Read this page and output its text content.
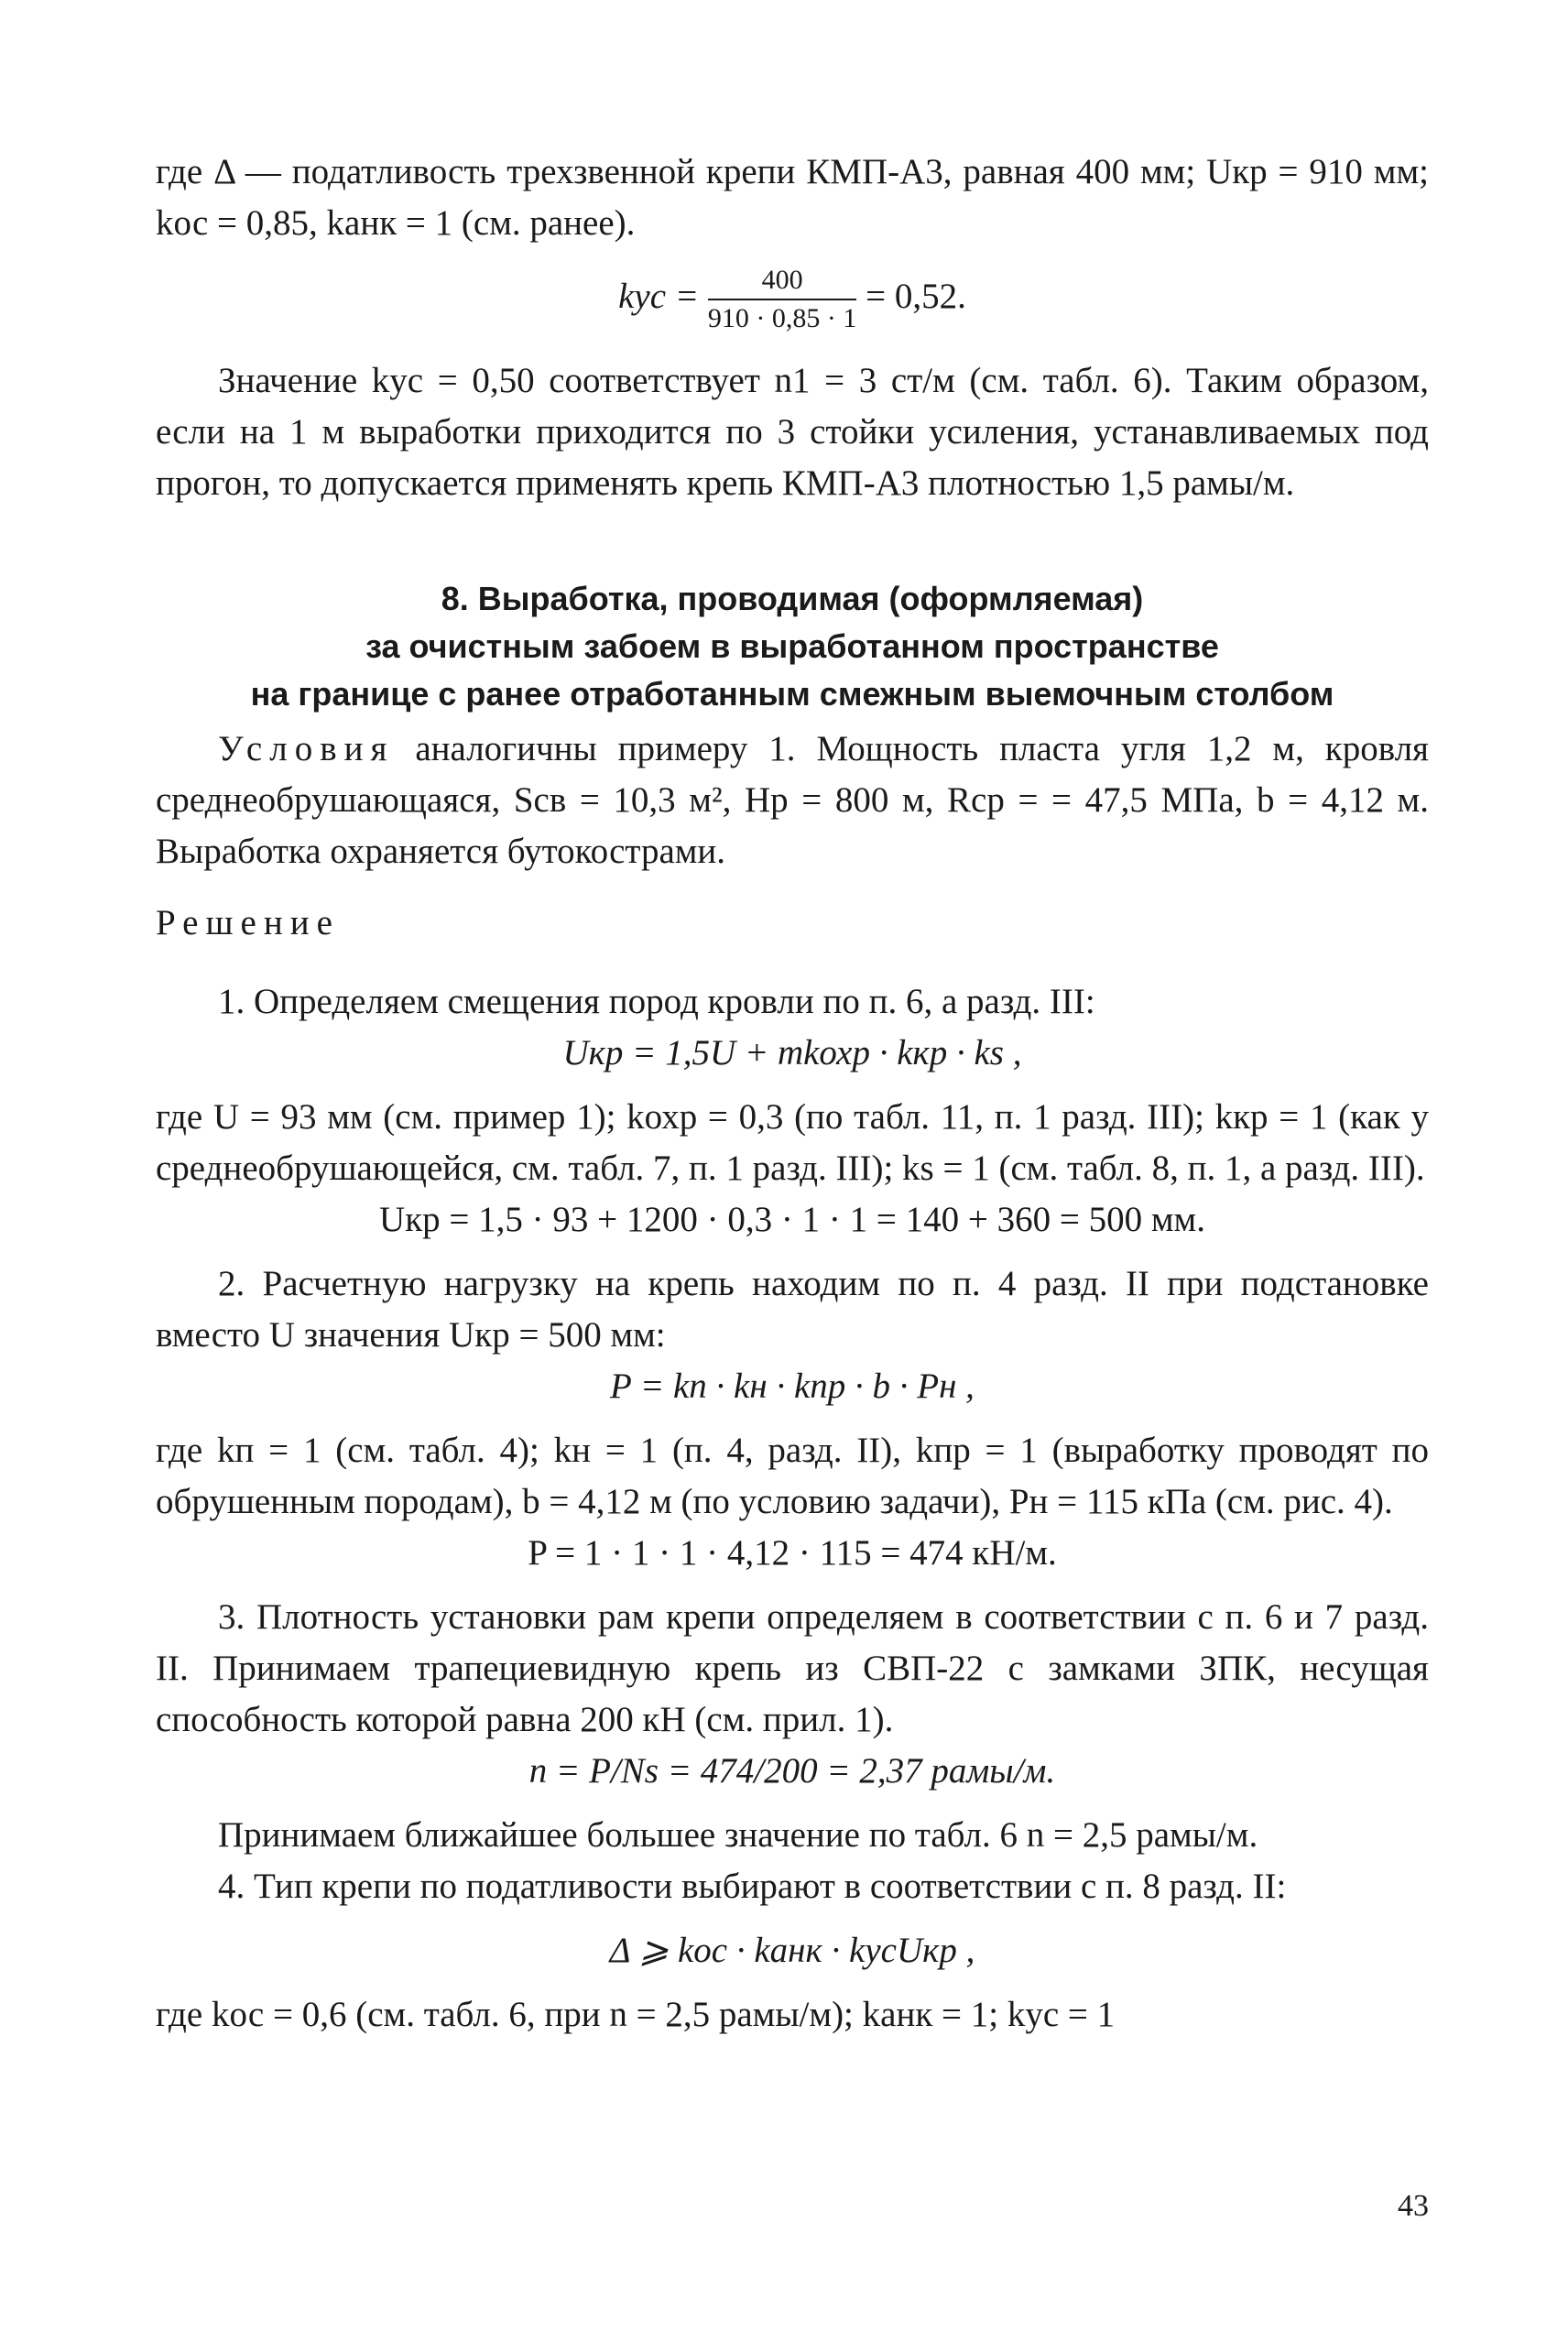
где Δ — податливость трехзвенной крепи КМП-А3, равная 400 мм; Uкр = 910 мм; kос = 0,85, kанк = 1 (см. ранее).

kус = $\frac{400}{910 \cdot 0,85 \cdot 1} = 0,52$.

Значение kус = 0,50 соответствует n1 = 3 ст/м (см. табл. 6). Таким образом, если на 1 м выработки приходится по 3 стойки усиления, устанавливаемых под прогон, то допускается применять крепь КМП-А3 плотностью 1,5 рамы/м.

8. Выработка, проводимая (оформляемая)
за очистным забоем в выработанном пространстве
на границе с ранее отработанным смежным выемочным столбом

Условия аналогичны примеру 1. Мощность пласта угля 1,2 м, кровля среднеобрушающаяся, Sсв = 10,3 м², Hр = 800 м, Rср = = 47,5 МПа, b = 4,12 м. Выработка охраняется бутокострами.

Решение

1. Определяем смещения пород кровли по п. 6, а разд. III:

Uкр = 1,5U + mkохр · kкр · ks ,

где U = 93 мм (см. пример 1); kохр = 0,3 (по табл. 11, п. 1 разд. III); kкр = 1 (как у среднеобрушающейся, см. табл. 7, п. 1 разд. III); ks = 1 (см. табл. 8, п. 1, а разд. III).

Uкр = 1,5 · 93 + 1200 · 0,3 · 1 · 1 = 140 + 360 = 500 мм.

2. Расчетную нагрузку на крепь находим по п. 4 разд. II при подстановке вместо U значения Uкр = 500 мм:

P = kп · kн · kпр · b · Pн ,

где kп = 1 (см. табл. 4); kн = 1 (п. 4, разд. II), kпр = 1 (выработку проводят по обрушенным породам), b = 4,12 м (по условию задачи), Pн = 115 кПа (см. рис. 4).

P = 1 · 1 · 1 · 4,12 · 115 = 474 кН/м.

3. Плотность установки рам крепи определяем в соответствии с п. 6 и 7 разд. II. Принимаем трапециевидную крепь из СВП-22 с замками ЗПК, несущая способность которой равна 200 кН (см. прил. 1).

n = P/Ns = 474/200 = 2,37 рамы/м.

Принимаем ближайшее большее значение по табл. 6 n = 2,5 рамы/м.

4. Тип крепи по податливости выбирают в соответствии с п. 8 разд. II:

Δ ⩾ kос · kанк · kусUкр ,

где kос = 0,6 (см. табл. 6, при n = 2,5 рамы/м); kанк = 1; kус = 1

43
